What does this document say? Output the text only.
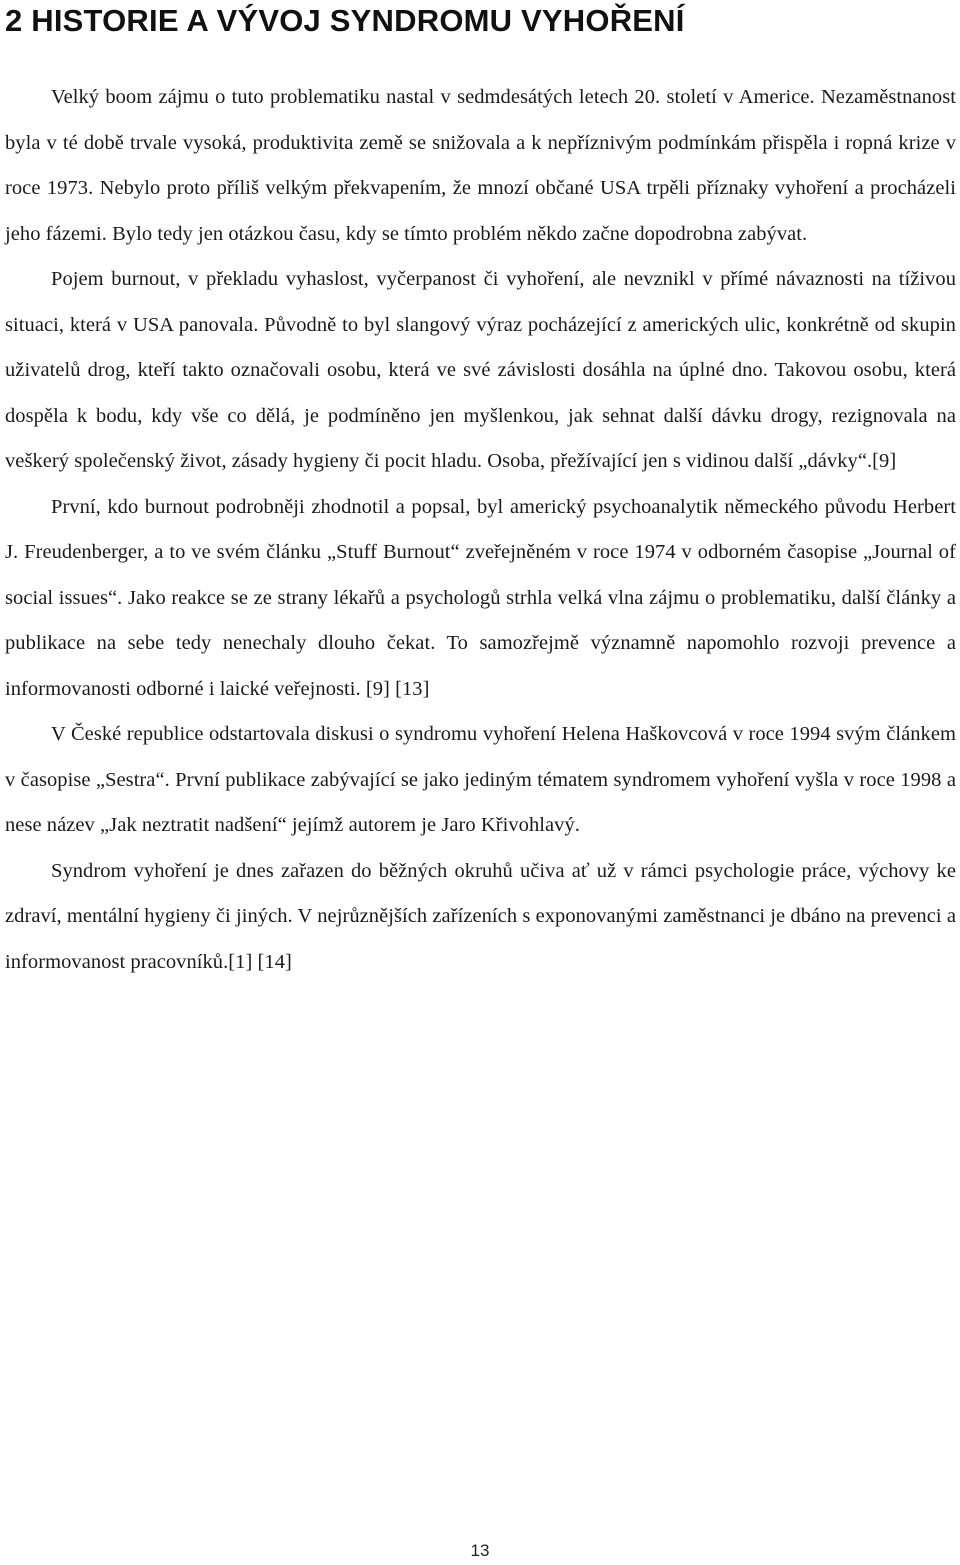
2 HISTORIE A VÝVOJ SYNDROMU VYHOŘENÍ

Velký boom zájmu o tuto problematiku nastal v sedmdesátých letech 20. století v Americe. Nezaměstnanost byla v té době trvale vysoká, produktivita země se snižovala a k nepříznivým podmínkám přispěla i ropná krize v roce 1973. Nebylo proto příliš velkým překvapením, že mnozí občané USA trpěli příznaky vyhoření a procházeli jeho fázemi. Bylo tedy jen otázkou času, kdy se tímto problém někdo začne dopodrobna zabývat.

Pojem burnout, v překladu vyhaslost, vyčerpanost či vyhoření, ale nevznikl v přímé návaznosti na tíživou situaci, která v USA panovala. Původně to byl slangový výraz pocházející z amerických ulic, konkrétně od skupin uživatelů drog, kteří takto označovali osobu, která ve své závislosti dosáhla na úplné dno. Takovou osobu, která dospěla k bodu, kdy vše co dělá, je podmíněno jen myšlenkou, jak sehnat další dávku drogy, rezignovala na veškerý společenský život, zásady hygieny či pocit hladu. Osoba, přežívající jen s vidinou další „dávky“.[9]

První, kdo burnout podrobněji zhodnotil a popsal, byl americký psychoanalytik německého původu Herbert J. Freudenberger, a to ve svém článku „Stuff Burnout“ zveřejněném v roce 1974 v odborném časopise „Journal of social issues“. Jako reakce se ze strany lékařů a psychologů strhla velká vlna zájmu o problematiku, další články a publikace na sebe tedy nenechaly dlouho čekat. To samozřejmě významně napomohlo rozvoji prevence a informovanosti odborné i laické veřejnosti. [9] [13]

V České republice odstartovala diskusi o syndromu vyhoření Helena Haškovcová v roce 1994 svým článkem v časopise „Sestra“. První publikace zabývající se jako jediným tématem syndromem vyhoření vyšla v roce 1998 a nese název „Jak neztratit nadšení“ jejímž autorem je Jaro Křivohlavý.

Syndrom vyhoření je dnes zařazen do běžných okruhů učiva ať už v rámci psychologie práce, výchovy ke zdraví, mentální hygieny či jiných. V nejrůznějších zařízeních s exponovanými zaměstnanci je dbáno na prevenci a informovanost pracovníků.[1] [14]

13
